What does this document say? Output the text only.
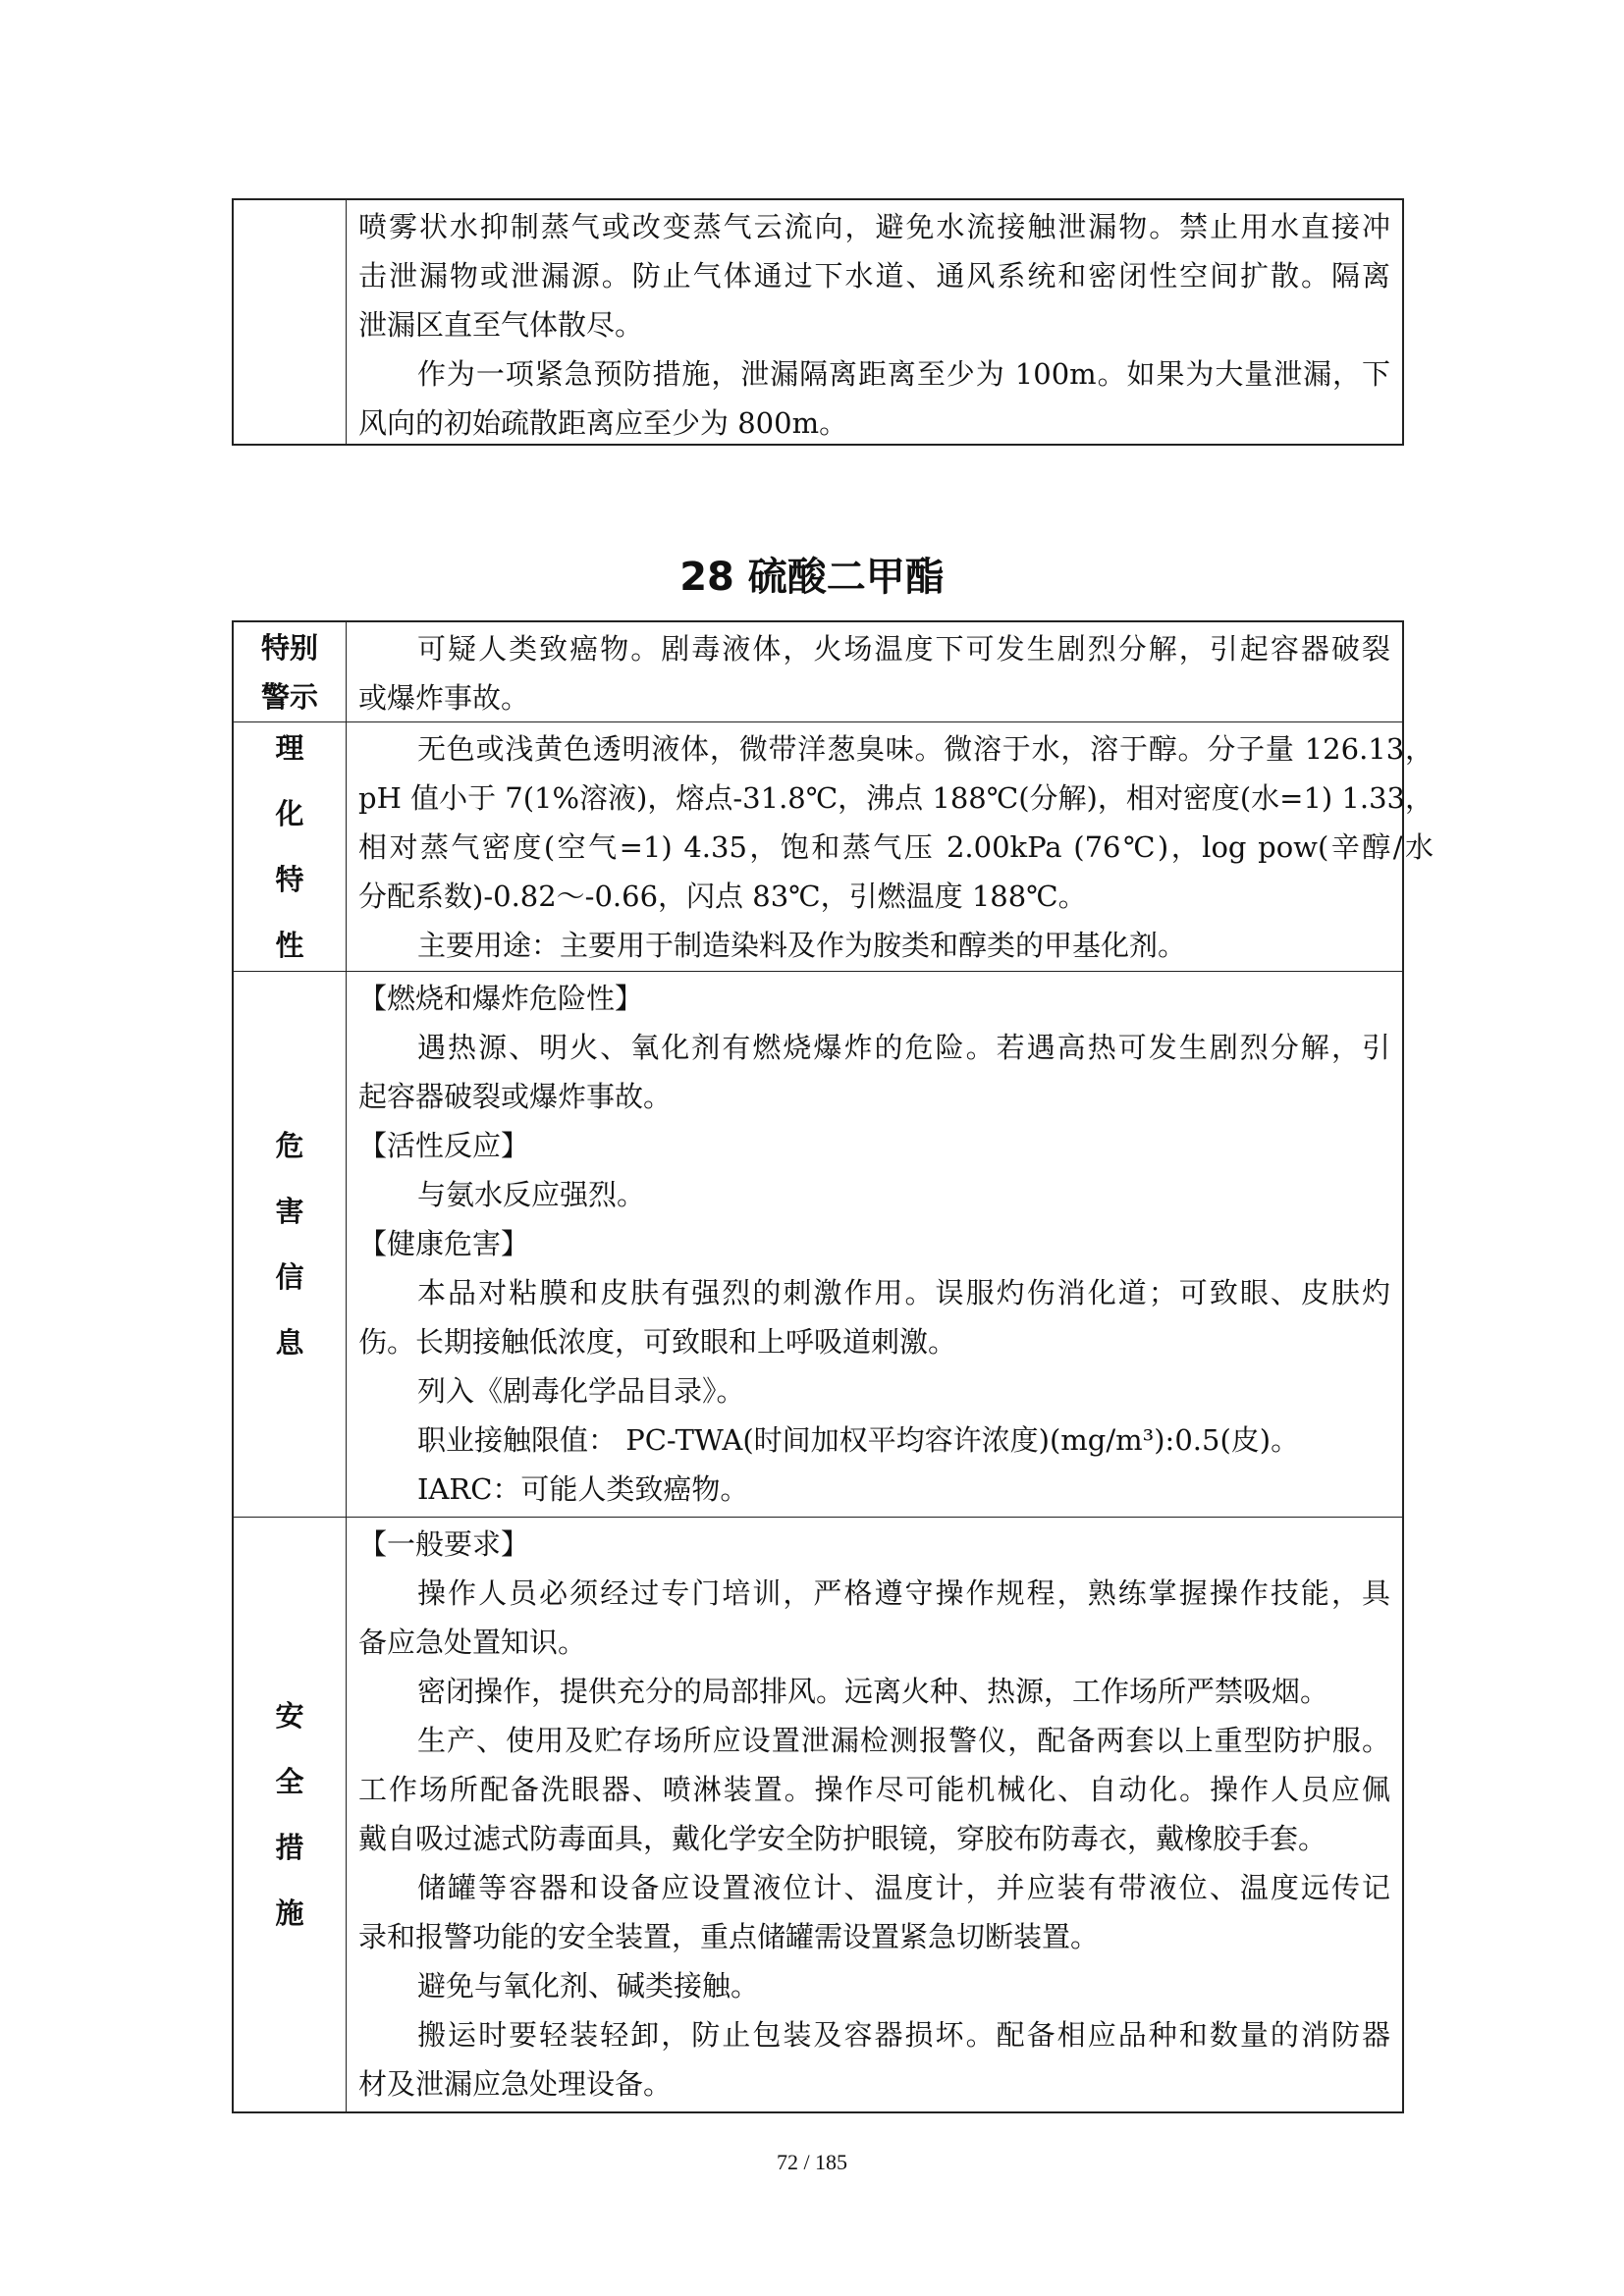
喷雾状水抑制蒸气或改变蒸气云流向，避免水流接触泄漏物。禁止用水直接冲
击泄漏物或泄漏源。防止气体通过下水道、通风系统和密闭性空间扩散。隔离
泄漏区直至气体散尽。
作为一项紧急预防措施，泄漏隔离距离至少为 100m。如果为大量泄漏，下
风向的初始疏散距离应至少为 800m。
28 硫酸二甲酯
特别
警示
可疑人类致癌物。剧毒液体，火场温度下可发生剧烈分解，引起容器破裂
或爆炸事故。
理
化
特
性
无色或浅黄色透明液体，微带洋葱臭味。微溶于水，溶于醇。分子量 126.13，
pH 值小于 7(1%溶液)，熔点-31.8℃，沸点 188℃(分解)，相对密度(水=1) 1.33，
相对蒸气密度(空气=1) 4.35，饱和蒸气压 2.00kPa (76℃)，log pow(辛醇/水
分配系数)-0.82～-0.66，闪点 83℃，引燃温度 188℃。
主要用途：主要用于制造染料及作为胺类和醇类的甲基化剂。
危
害
信
息
【燃烧和爆炸危险性】
遇热源、明火、氧化剂有燃烧爆炸的危险。若遇高热可发生剧烈分解，引
起容器破裂或爆炸事故。
【活性反应】
与氨水反应强烈。
【健康危害】
本品对粘膜和皮肤有强烈的刺激作用。误服灼伤消化道；可致眼、皮肤灼
伤。长期接触低浓度，可致眼和上呼吸道刺激。
列入《剧毒化学品目录》。
职业接触限值： PC-TWA(时间加权平均容许浓度)(mg/m³):0.5(皮)。
IARC：可能人类致癌物。
安
全
措
施
【一般要求】
操作人员必须经过专门培训，严格遵守操作规程，熟练掌握操作技能，具
备应急处置知识。
密闭操作，提供充分的局部排风。远离火种、热源，工作场所严禁吸烟。
生产、使用及贮存场所应设置泄漏检测报警仪，配备两套以上重型防护服。
工作场所配备洗眼器、喷淋装置。操作尽可能机械化、自动化。操作人员应佩
戴自吸过滤式防毒面具，戴化学安全防护眼镜，穿胶布防毒衣，戴橡胶手套。
储罐等容器和设备应设置液位计、温度计，并应装有带液位、温度远传记
录和报警功能的安全装置，重点储罐需设置紧急切断装置。
避免与氧化剂、碱类接触。
搬运时要轻装轻卸，防止包装及容器损坏。配备相应品种和数量的消防器
材及泄漏应急处理设备。
72 / 185
